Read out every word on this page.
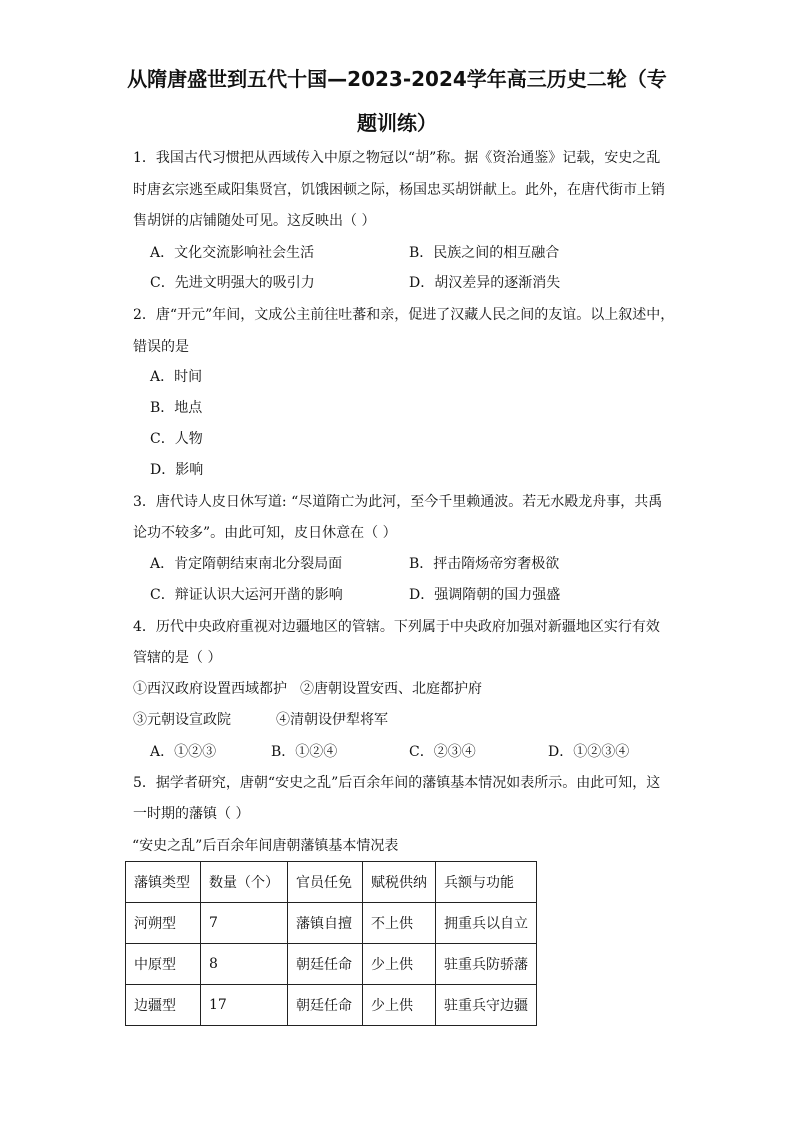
从隋唐盛世到五代十国—2023-2024学年高三历史二轮（专
题训练）
1．我国古代习惯把从西域传入中原之物冠以“胡”称。据《资治通鉴》记载，安史之乱
时唐玄宗逃至咸阳集贤宫，饥饿困顿之际，杨国忠买胡饼献上。此外，在唐代街市上销
售胡饼的店铺随处可见。这反映出（ ）
A．文化交流影响社会生活	B．民族之间的相互融合
C．先进文明强大的吸引力	D．胡汉差异的逐渐消失
2．唐“开元”年间，文成公主前往吐蕃和亲，促进了汉藏人民之间的友谊。以上叙述中，
错误的是
A．时间
B．地点
C．人物
D．影响
3．唐代诗人皮日休写道: “尽道隋亡为此河，至今千里赖通波。若无水殿龙舟事，共禹
论功不较多”。由此可知，皮日休意在（ ）
A．肯定隋朝结束南北分裂局面	B．抨击隋炀帝穷奢极欲
C．辩证认识大运河开凿的影响	D．强调隋朝的国力强盛
4．历代中央政府重视对边疆地区的管辖。下列属于中央政府加强对新疆地区实行有效
管辖的是（ ）
①西汉政府设置西域都护 ②唐朝设置安西、北庭都护府
③元朝设宣政院	④清朝设伊犁将军
A．①②③	B．①②④	C．②③④	D．①②③④
5．据学者研究，唐朝“安史之乱”后百余年间的藩镇基本情况如表所示。由此可知，这
一时期的藩镇（ ）
“安史之乱”后百余年间唐朝藩镇基本情况表
藩镇类型	数量（个）	官员任免	赋税供纳	兵额与功能
河朔型	7	藩镇自擅	不上供	拥重兵以自立
中原型	8	朝廷任命	少上供	驻重兵防骄藩
边疆型	17	朝廷任命	少上供	驻重兵守边疆
